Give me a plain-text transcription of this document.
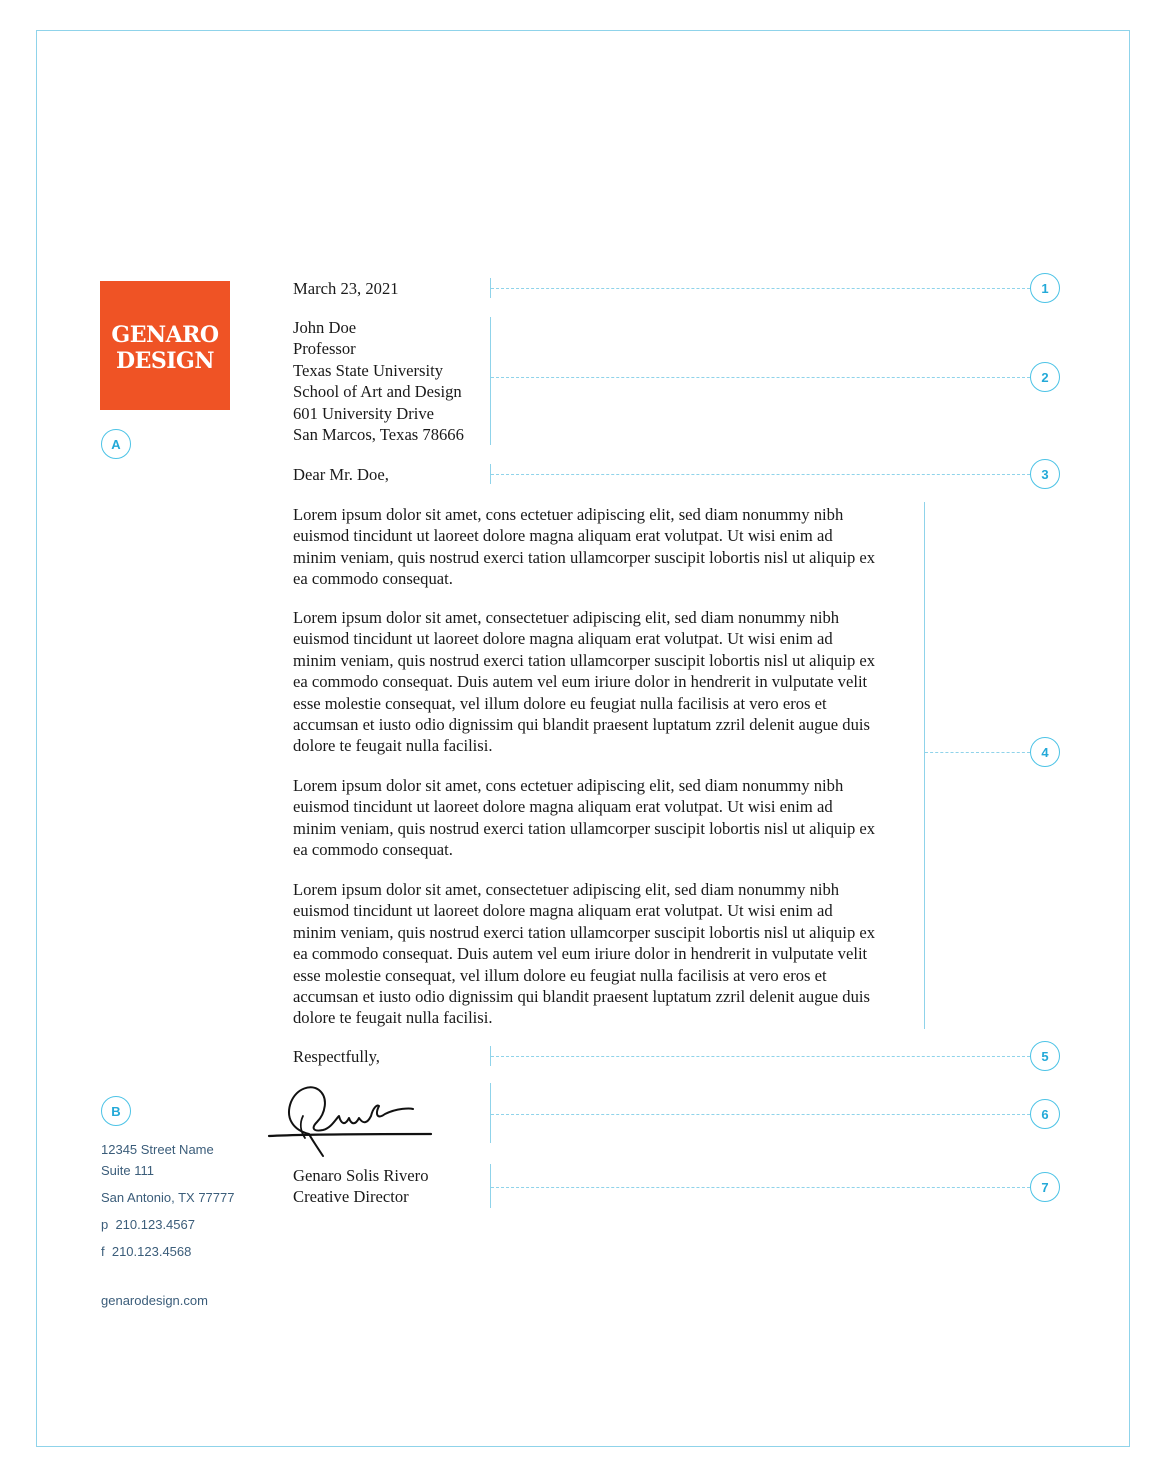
GENARO
DESIGN
A
March 23, 2021
John Doe
Professor
Texas State University
School of Art and Design
601 University Drive
San Marcos, Texas 78666
Dear Mr. Doe,
Lorem ipsum dolor sit amet, cons ectetuer adipiscing elit, sed diam nonummy nibh
euismod tincidunt ut laoreet dolore magna aliquam erat volutpat. Ut wisi enim ad
minim veniam, quis nostrud exerci tation ullamcorper suscipit lobortis nisl ut aliquip ex
ea commodo consequat.
Lorem ipsum dolor sit amet, consectetuer adipiscing elit, sed diam nonummy nibh
euismod tincidunt ut laoreet dolore magna aliquam erat volutpat. Ut wisi enim ad
minim veniam, quis nostrud exerci tation ullamcorper suscipit lobortis nisl ut aliquip ex
ea commodo consequat. Duis autem vel eum iriure dolor in hendrerit in vulputate velit
esse molestie consequat, vel illum dolore eu feugiat nulla facilisis at vero eros et
accumsan et iusto odio dignissim qui blandit praesent luptatum zzril delenit augue duis
dolore te feugait nulla facilisi.
Lorem ipsum dolor sit amet, cons ectetuer adipiscing elit, sed diam nonummy nibh
euismod tincidunt ut laoreet dolore magna aliquam erat volutpat. Ut wisi enim ad
minim veniam, quis nostrud exerci tation ullamcorper suscipit lobortis nisl ut aliquip ex
ea commodo consequat.
Lorem ipsum dolor sit amet, consectetuer adipiscing elit, sed diam nonummy nibh
euismod tincidunt ut laoreet dolore magna aliquam erat volutpat. Ut wisi enim ad
minim veniam, quis nostrud exerci tation ullamcorper suscipit lobortis nisl ut aliquip ex
ea commodo consequat. Duis autem vel eum iriure dolor in hendrerit in vulputate velit
esse molestie consequat, vel illum dolore eu feugiat nulla facilisis at vero eros et
accumsan et iusto odio dignissim qui blandit praesent luptatum zzril delenit augue duis
dolore te feugait nulla facilisi.
Respectfully,
Genaro Solis Rivero
Creative Director
1
2
3
4
5
6
7
B
12345 Street Name
Suite 111
San Antonio, TX 77777
p  210.123.4567
f  210.123.4568
genarodesign.com
